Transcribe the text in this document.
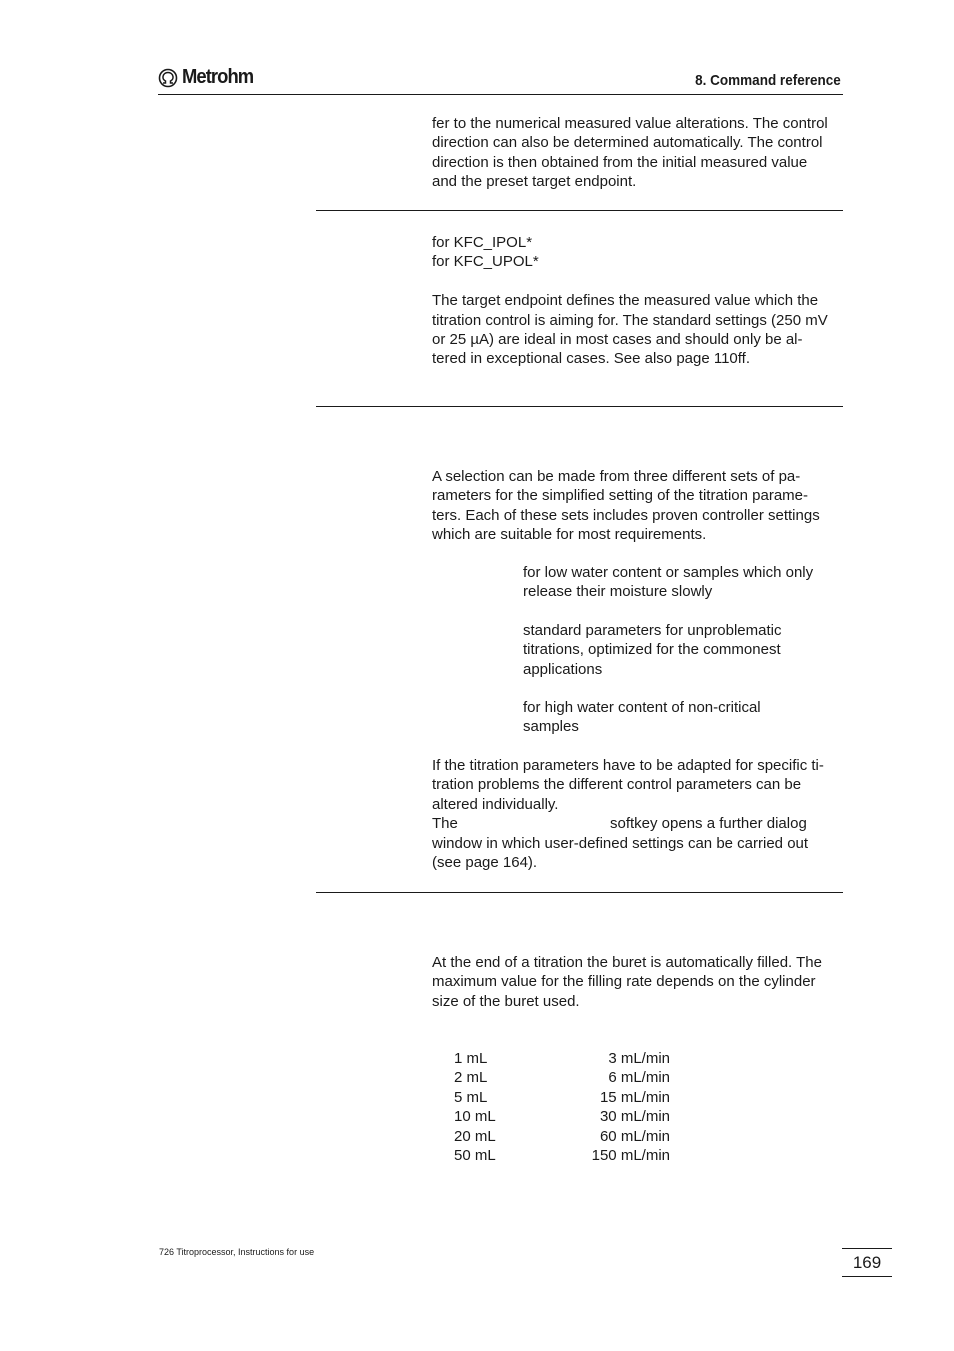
Metrohm	8. Command reference

fer to the numerical measured value alterations. The control

direction can also be determined automatically. The control

direction is then obtained from the initial measured value

and the preset target endpoint.

for KFC_IPOL*

for KFC_UPOL*

The target endpoint defines the measured value which the

titration control is aiming for. The standard settings (250 mV

or 25 µA) are ideal in most cases and should only be al-

tered in exceptional cases. See also page 110ff.

A selection can be made from three different sets of pa-

rameters for the simplified setting of the titration parame-

ters. Each of these sets includes proven controller settings

which are suitable for most requirements.

for low water content or samples which only

release their moisture slowly

standard parameters for unproblematic

titrations, optimized for the commonest

applications

for high water content of non-critical

samples

If the titration parameters have to be adapted for specific ti-

tration problems the different control parameters can be

altered individually.

The	softkey opens a further dialog

window in which user-defined settings can be carried out

(see page 164).

At the end of a titration the buret is automatically filled. The

maximum value for the filling rate depends on the cylinder

size of the buret used.

1 mL	3 mL/min
2 mL	6 mL/min
5 mL	15 mL/min
10 mL	30 mL/min
20 mL	60 mL/min
50 mL	150 mL/min
726 Titroprocessor, Instructions for use
169
